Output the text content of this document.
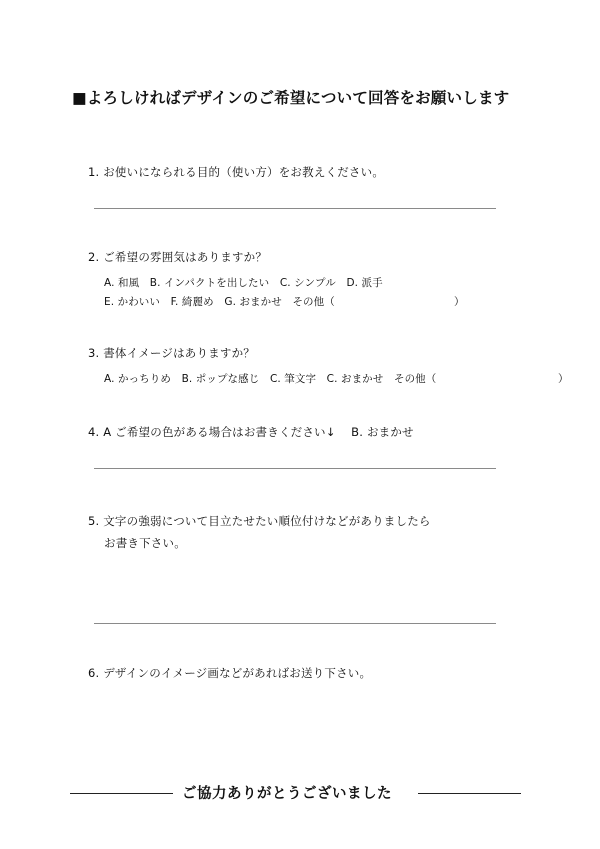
■よろしければデザインのご希望について回答をお願いします
1. お使いになられる目的（使い方）をお教えください。
2. ご希望の雰囲気はありますか？
A. 和風　B. インパクトを出したい　C. シンプル　D. 派手
E. かわいい　F. 綺麗め　G. おまかせ　その他（	）
3. 書体イメージはありますか？
A. かっちりめ　B. ポップな感じ　C. 筆文字　C. おまかせ　その他（	）
4. A ご希望の色がある場合はお書きください↓　 B. おまかせ
5. 文字の強弱について目立たせたい順位付けなどがありましたら
お書き下さい。
6. デザインのイメージ画などがあればお送り下さい。
ご協力ありがとうございました
